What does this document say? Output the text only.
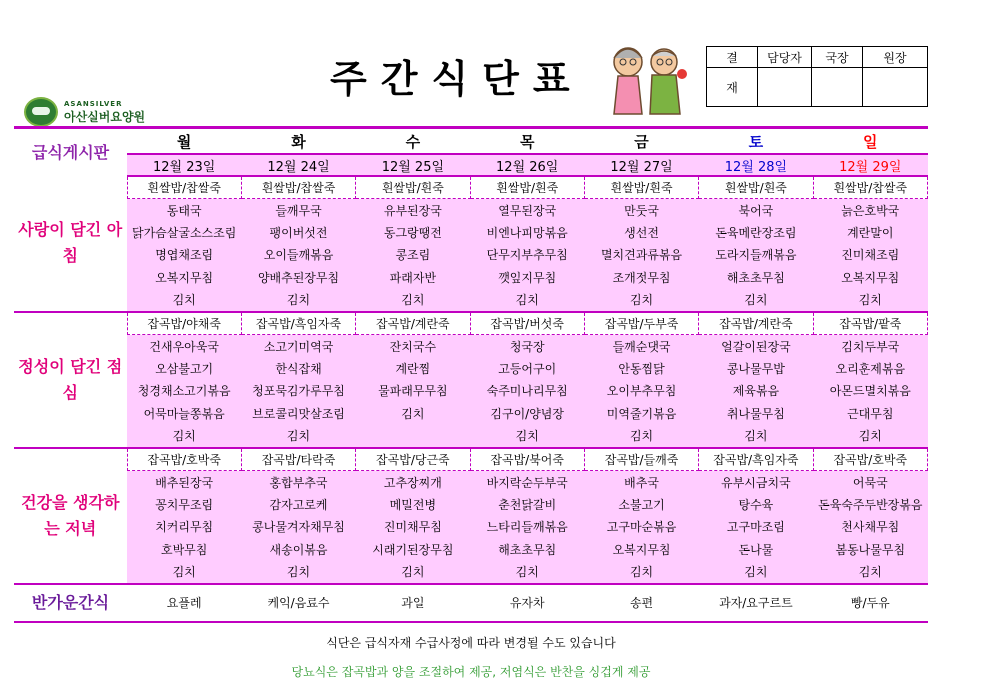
주간식단표
ASANSILVER
아산실버요양원
결	담당자	국장	원장
재			
급식게시판	월	화	수	목	금	토	일
	12월 23일	12월 24일	12월 25일	12월 26일	12월 27일	12월 28일	12월 29일
사랑이 담긴 아침	흰쌀밥/찹쌀죽	흰쌀밥/찹쌀죽	흰쌀밥/흰죽	흰쌀밥/흰죽	흰쌀밥/흰죽	흰쌀밥/흰죽	흰쌀밥/찹쌀죽
	동태국	들깨무국	유부된장국	열무된장국	만둣국	북어국	늙은호박국
	닭가슴살굴소스조림	팽이버섯전	동그랑땡전	비엔나피망볶음	생선전	돈육메란장조림	계란말이
	명엽채조림	오이들깨볶음	콩조림	단무지부추무침	멸치견과류볶음	도라지들깨볶음	진미채조림
	오복지무침	양배추된장무침	파래자반	깻잎지무침	조개젓무침	해초초무침	오복지무침
	김치	김치	김치	김치	김치	김치	김치
정성이 담긴 점심	잡곡밥/야채죽	잡곡밥/흑임자죽	잡곡밥/계란죽	잡곡밥/버섯죽	잡곡밥/두부죽	잡곡밥/계란죽	잡곡밥/팥죽
	건새우아욱국	소고기미역국	잔치국수	청국장	들깨순댓국	얼갈이된장국	김치두부국
	오삼불고기	한식잡채	계란찜	고등어구이	안동찜닭	콩나물무밥	오리훈제볶음
	청경채소고기볶음	청포묵김가루무침	물파래무무침	숙주미나리무침	오이부추무침	제육볶음	아몬드멸치볶음
	어묵마늘쫑볶음	브로콜리맛살조림	김치	김구이/양념장	미역줄기볶음	취나물무침	근대무침
	김치	김치		김치	김치	김치	김치
건강을 생각하는 저녁	잡곡밥/호박죽	잡곡밥/타락죽	잡곡밥/당근죽	잡곡밥/북어죽	잡곡밥/들깨죽	잡곡밥/흑임자죽	잡곡밥/호박죽
	배추된장국	홍합부추국	고추장찌개	바지락순두부국	배추국	유부시금치국	어묵국
	꽁치무조림	감자고로케	메밀전병	춘천닭갈비	소불고기	탕수육	돈육숙주두반장볶음
	치커리무침	콩나물겨자채무침	진미채무침	느타리들깨볶음	고구마순볶음	고구마조림	천사채무침
	호박무침	새송이볶음	시래기된장무침	해초초무침	오복지무침	돈나물	봄동나물무침
	김치	김치	김치	김치	김치	김치	김치
반가운간식	요플레	케익/음료수	과일	유자차	송편	과자/요구르트	빵/두유
식단은 급식자재 수급사정에 따라 변경될 수도 있습니다
당뇨식은 잡곡밥과 양을 조절하여 제공, 저염식은 반찬을 싱겁게 제공
